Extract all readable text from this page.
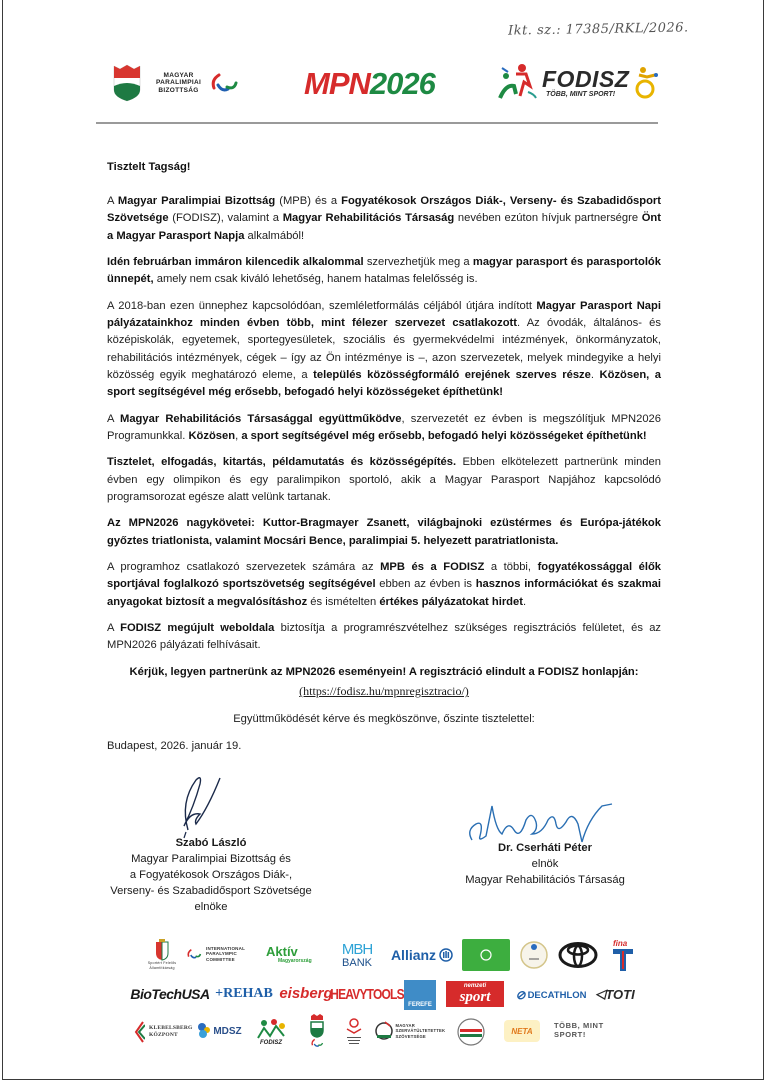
Ikt. sz.: 17385/RKL/2026.
MAGYAR
PARALIMPIAI
BIZOTTSÁG	MPN2026	FODISZ
TÖBB, MINT SPORT!

Tisztelt Tagság!

A Magyar Paralimpiai Bizottság (MPB) és a Fogyatékosok Országos Diák-, Verseny- és Szabadidősport Szövetsége (FODISZ), valamint a Magyar Rehabilitációs Társaság nevében ezúton hívjuk partnerségre Önt a Magyar Parasport Napja alkalmából!

Idén februárban immáron kilencedik alkalommal szervezhetjük meg a magyar parasport és parasportolók ünnepét, amely nem csak kiváló lehetőség, hanem hatalmas felelősség is.

A 2018-ban ezen ünnephez kapcsolódóan, szemléletformálás céljából útjára indított Magyar Parasport Napi pályázatainkhoz minden évben több, mint félezer szervezet csatlakozott. Az óvodák, általános- és középiskolák, egyetemek, sportegyesületek, szociális és gyermekvédelmi intézmények, önkormányzatok, rehabilitációs intézmények, cégek – így az Ön intézménye is –, azon szervezetek, melyek mindegyike a helyi közösség egyik meghatározó eleme, a település közösségformáló erejének szerves része. Közösen, a sport segítségével még erősebb, befogadó helyi közösségeket építhetünk!

A Magyar Rehabilitációs Társasággal együttműködve, szervezetét ez évben is megszólítjuk MPN2026 Programunkkal. Közösen, a sport segítségével még erősebb, befogadó helyi közösségeket építhetünk!

Tisztelet, elfogadás, kitartás, példamutatás és közösségépítés. Ebben elkötelezett partnerünk minden évben egy olimpikon és egy paralimpikon sportoló, akik a Magyar Parasport Napjához kapcsolódó programsorozat egésze alatt velünk tartanak.

Az MPN2026 nagykövetei: Kuttor-Bragmayer Zsanett, világbajnoki ezüstérmes és Európa-játékok győztes triatlonista, valamint Mocsári Bence, paralimpiai 5. helyezett paratriatlonista.

A programhoz csatlakozó szervezetek számára az MPB és a FODISZ a többi, fogyatékossággal élők sportjával foglalkozó sportszövetség segítségével ebben az évben is hasznos információkat és szakmai anyagokat biztosít a megvalósításhoz és ismételten értékes pályázatokat hirdet.

A FODISZ megújult weboldala biztosítja a programrészvételhez szükséges regisztrációs felületet, és az MPN2026 pályázati felhívásait.

Kérjük, legyen partnerünk az MPN2026 eseményein! A regisztráció elindult a FODISZ honlapján:

(https://fodisz.hu/mpnregisztracio/)

Együttműködését kérve és megköszönve, őszinte tisztelettel:

Budapest, 2026. január 19.

Szabó László
Magyar Paralimpiai Bizottság és
a Fogyatékosok Országos Diák-,
Verseny- és Szabadidősport Szövetsége
elnöke
Dr. Cserháti Péter
elnök
Magyar Rehabilitációs Társaság
Sportért Felelős Államtitkárság
INTERNATIONAL PARALYMPIC COMMITTEE
Aktív
Magyarország
MBH
BANK Allianz
fina
BioTechUSA +REHAB eisberg
HEAVYTOOLS
FEREFE
nemzeti
sport ⊘ DECATHLON ◁ TOTI
KLEBELSBERG KÖZPONT	MDSZ
FODISZ
MAGYAR SZERVÁTÜLTETETTEK SZÖVETSÉGE
NETA
TÖBB, MINT SPORT!
